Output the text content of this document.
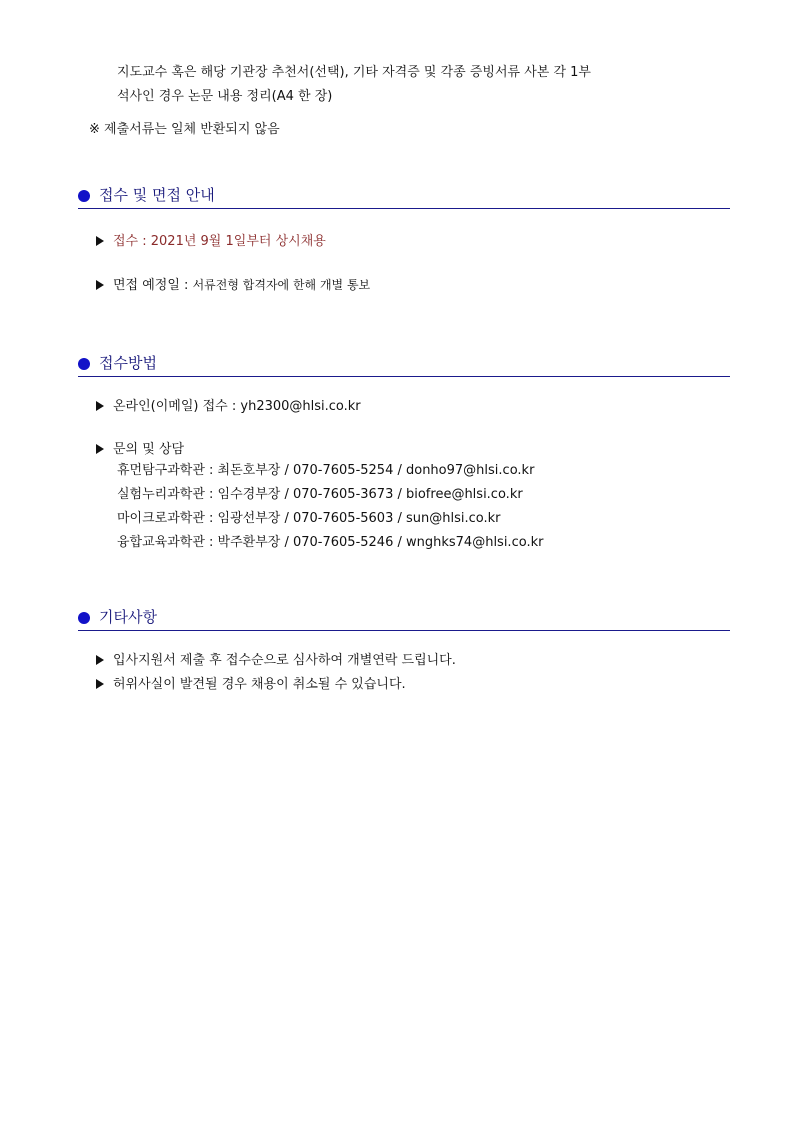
지도교수 혹은 해당 기관장 추천서(선택), 기타 자격증 및 각종 증빙서류 사본 각 1부
석사인 경우 논문 내용 정리(A4 한 장)
※ 제출서류는 일체 반환되지 않음
접수 및 면접 안내
접수 : 2021년 9월 1일부터 상시채용
면접 예정일 : 서류전형 합격자에 한해 개별 통보
접수방법
온라인(이메일) 접수 : yh2300@hlsi.co.kr
문의 및 상담
휴먼탐구과학관 : 최돈호부장 / 070-7605-5254 / donho97@hlsi.co.kr
실험누리과학관 : 임수경부장 / 070-7605-3673 / biofree@hlsi.co.kr
마이크로과학관 : 임광선부장 / 070-7605-5603 / sun@hlsi.co.kr
융합교육과학관 : 박주환부장 / 070-7605-5246 / wnghks74@hlsi.co.kr
기타사항
입사지원서 제출 후 접수순으로 심사하여 개별연락 드립니다.
허위사실이 발견될 경우 채용이 취소될 수 있습니다.
